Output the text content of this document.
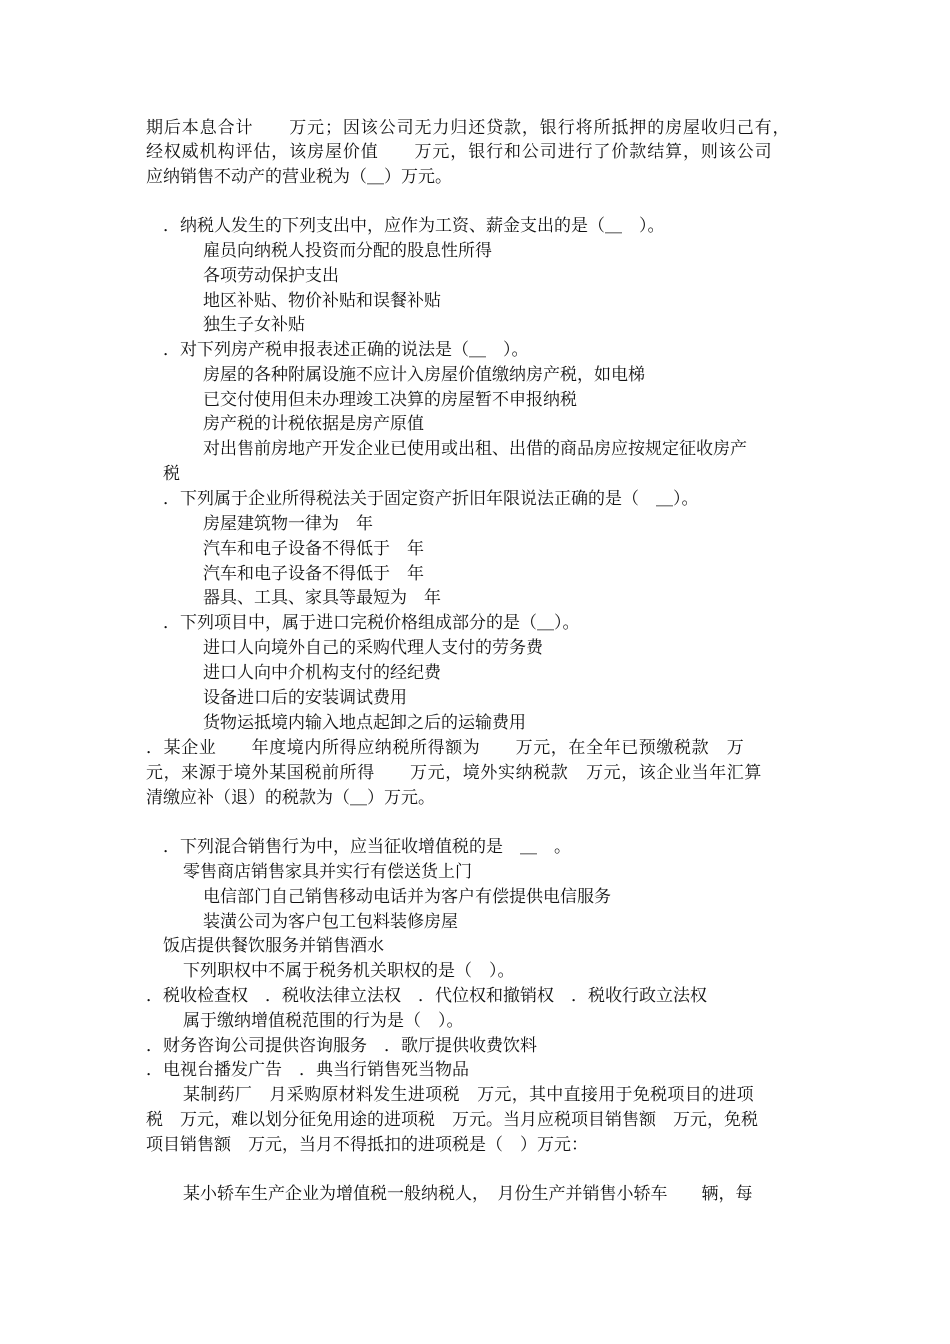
期后本息合计　　万元；因该公司无力归还贷款，银行将所抵押的房屋收归己有，
经权威机构评估，该房屋价值　　万元，银行和公司进行了价款结算，则该公司
应纳销售不动产的营业税为（＿）万元。
．纳税人发生的下列支出中，应作为工资、薪金支出的是（＿　）。
雇员向纳税人投资而分配的股息性所得
各项劳动保护支出
地区补贴、物价补贴和误餐补贴
独生子女补贴
．对下列房产税申报表述正确的说法是（＿　）。
房屋的各种附属设施不应计入房屋价值缴纳房产税，如电梯
已交付使用但未办理竣工决算的房屋暂不申报纳税
房产税的计税依据是房产原值
对出售前房地产开发企业已使用或出租、出借的商品房应按规定征收房产
税
．下列属于企业所得税法关于固定资产折旧年限说法正确的是（　＿）。
房屋建筑物一律为　年
汽车和电子设备不得低于　年
汽车和电子设备不得低于　年
器具、工具、家具等最短为　年
．下列项目中，属于进口完税价格组成部分的是（＿）。
进口人向境外自己的采购代理人支付的劳务费
进口人向中介机构支付的经纪费
设备进口后的安装调试费用
货物运抵境内输入地点起卸之后的运输费用
．某企业　　年度境内所得应纳税所得额为　　万元，在全年已预缴税款　万
元，来源于境外某国税前所得　　万元，境外实纳税款　万元，该企业当年汇算
清缴应补（退）的税款为（＿）万元。
．下列混合销售行为中，应当征收增值税的是　＿　。
零售商店销售家具并实行有偿送货上门
电信部门自己销售移动电话并为客户有偿提供电信服务
装潢公司为客户包工包料装修房屋
饭店提供餐饮服务并销售酒水
下列职权中不属于税务机关职权的是（　）。
．税收检查权　．税收法律立法权　．代位权和撤销权　．税收行政立法权
属于缴纳增值税范围的行为是（　）。
．财务咨询公司提供咨询服务　．歌厅提供收费饮料
．电视台播发广告　．典当行销售死当物品
某制药厂　月采购原材料发生进项税　万元，其中直接用于免税项目的进项
税　万元，难以划分征免用途的进项税　万元。当月应税项目销售额　万元，免税
项目销售额　万元，当月不得抵扣的进项税是（　）万元：
某小轿车生产企业为增值税一般纳税人，　月份生产并销售小轿车　　辆，每
